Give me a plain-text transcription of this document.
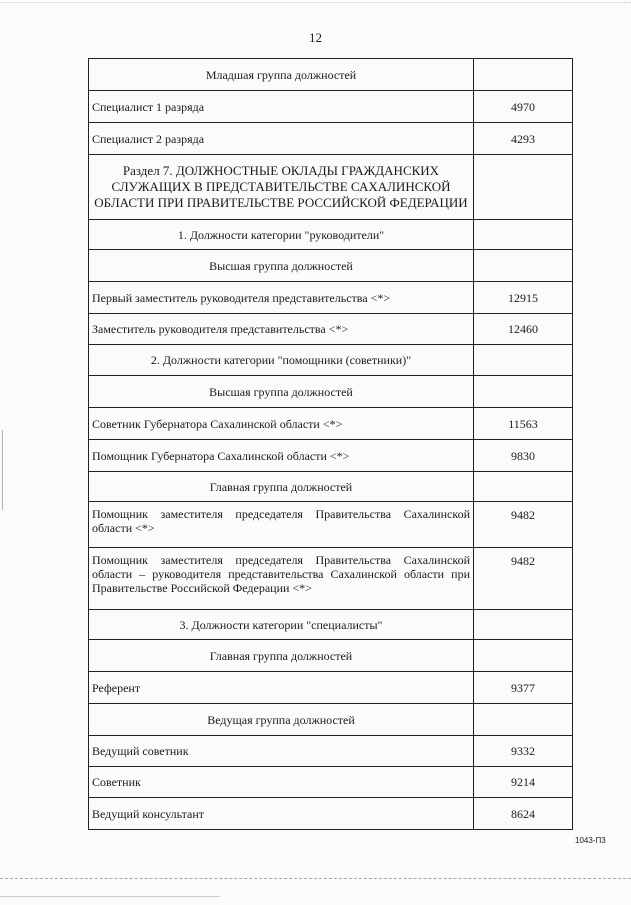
12
Младшая группа должностей	
Специалист 1 разряда	4970
Специалист 2 разряда	4293

Раздел 7. ДОЛЖНОСТНЫЕ ОКЛАДЫ ГРАЖДАНСКИХ СЛУЖАЩИХ В ПРЕДСТАВИТЕЛЬСТВЕ САХАЛИНСКОЙ ОБЛАСТИ ПРИ ПРАВИТЕЛЬСТВЕ РОССИЙСКОЙ ФЕДЕРАЦИИ	

1. Должности категории "руководители"	
Высшая группа должностей	
Первый заместитель руководителя представительства <*>	12915
Заместитель руководителя представительства <*>	12460
2. Должности категории "помощники (советники)"	
Высшая группа должностей	
Советник Губернатора Сахалинской области <*>	11563
Помощник Губернатора Сахалинской области <*>	9830
Главная группа должностей	
Помощник заместителя председателя Правительства Сахалинской области <*>	9482
Помощник заместителя председателя Правительства Сахалинской области – руководителя представительства Сахалинской области при Правительстве Российской Федерации <*>	9482
3. Должности категории "специалисты"	
Главная группа должностей	
Референт	9377
Ведущая группа должностей	
Ведущий советник	9332
Советник	9214
Ведущий консультант	8624
1043-П3
